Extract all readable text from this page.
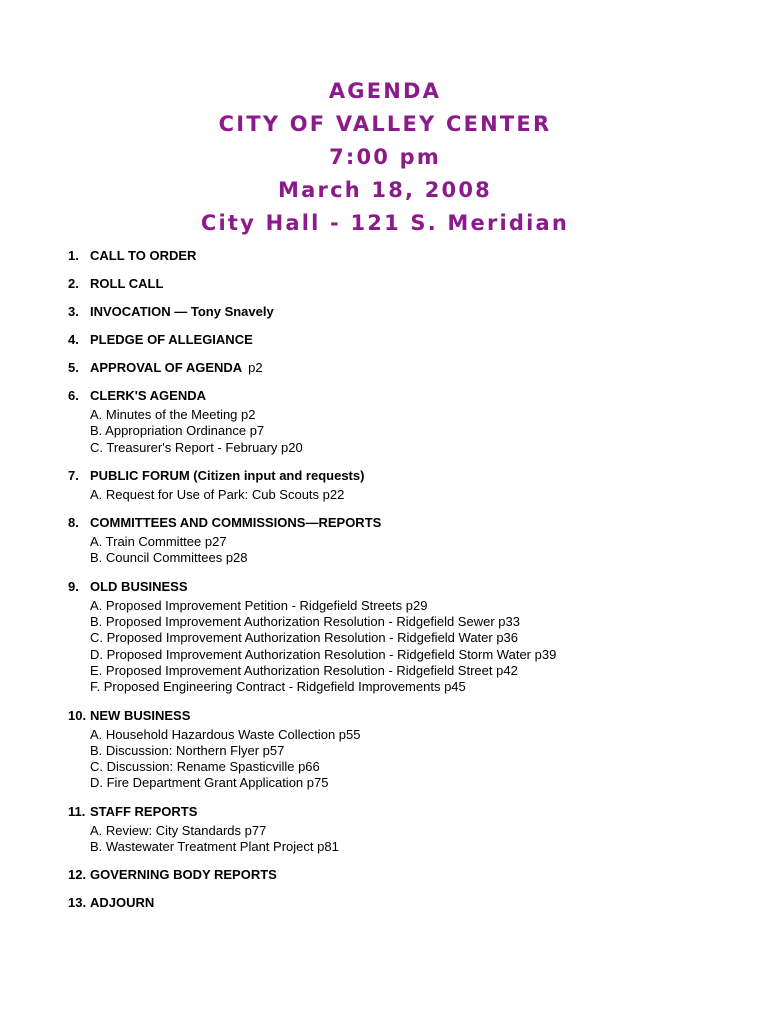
AGENDA
CITY OF VALLEY CENTER
7:00 pm
March 18, 2008
City Hall - 121 S. Meridian
1. CALL TO ORDER
2. ROLL CALL
3. INVOCATION — Tony Snavely
4. PLEDGE OF ALLEGIANCE
5. APPROVAL OF AGENDA p2
6. CLERK'S AGENDA
A. Minutes of the Meeting p2
B. Appropriation Ordinance p7
C. Treasurer's Report - February p20
7. PUBLIC FORUM (Citizen input and requests)
A. Request for Use of Park: Cub Scouts p22
8. COMMITTEES AND COMMISSIONS—REPORTS
A. Train Committee p27
B. Council Committees p28
9. OLD BUSINESS
A. Proposed Improvement Petition - Ridgefield Streets p29
B. Proposed Improvement Authorization Resolution - Ridgefield Sewer p33
C. Proposed Improvement Authorization Resolution - Ridgefield Water p36
D. Proposed Improvement Authorization Resolution - Ridgefield Storm Water p39
E. Proposed Improvement Authorization Resolution - Ridgefield Street p42
F. Proposed Engineering Contract - Ridgefield Improvements p45
10. NEW BUSINESS
A. Household Hazardous Waste Collection p55
B. Discussion: Northern Flyer p57
C. Discussion: Rename Spasticville p66
D. Fire Department Grant Application p75
11. STAFF REPORTS
A. Review: City Standards p77
B. Wastewater Treatment Plant Project p81
12. GOVERNING BODY REPORTS
13. ADJOURN
